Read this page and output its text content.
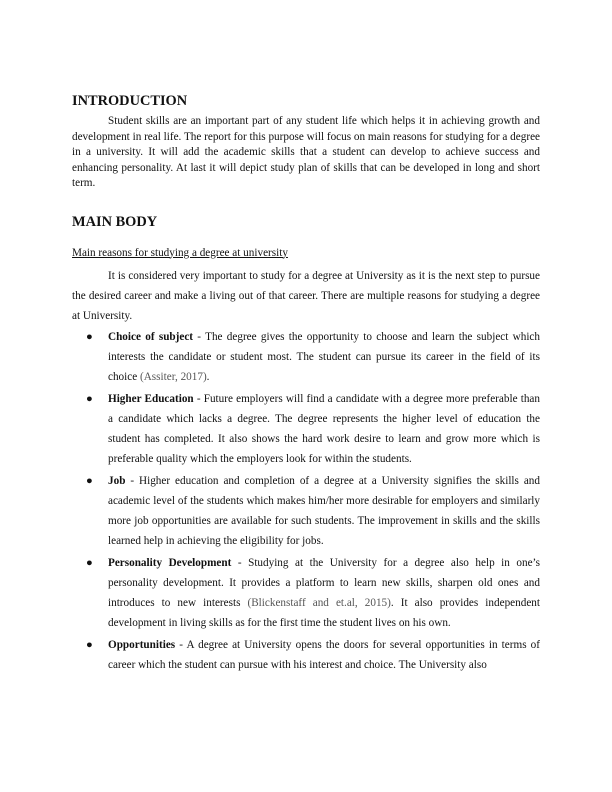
INTRODUCTION

Student skills are an important part of any student life which helps it in achieving growth and development in real life. The report for this purpose will focus on main reasons for studying for a degree in a university. It will add the academic skills that a student can develop to achieve success and enhancing personality. At last it will depict study plan of skills that can be developed in long and short term.

MAIN BODY

Main reasons for studying a degree at university

It is considered very important to study for a degree at University as it is the next step to pursue the desired career and make a living out of that career. There are multiple reasons for studying a degree at University.

● Choice of subject - The degree gives the opportunity to choose and learn the subject which interests the candidate or student most. The student can pursue its career in the field of its choice (Assiter, 2017).
● Higher Education - Future employers will find a candidate with a degree more preferable than a candidate which lacks a degree. The degree represents the higher level of education the student has completed. It also shows the hard work desire to learn and grow more which is preferable quality which the employers look for within the students.
● Job - Higher education and completion of a degree at a University signifies the skills and academic level of the students which makes him/her more desirable for employers and similarly more job opportunities are available for such students. The improvement in skills and the skills learned help in achieving the eligibility for jobs.
● Personality Development - Studying at the University for a degree also help in one’s personality development. It provides a platform to learn new skills, sharpen old ones and introduces to new interests (Blickenstaff and et.al, 2015). It also provides independent development in living skills as for the first time the student lives on his own.
● Opportunities - A degree at University opens the doors for several opportunities in terms of career which the student can pursue with his interest and choice. The University also
